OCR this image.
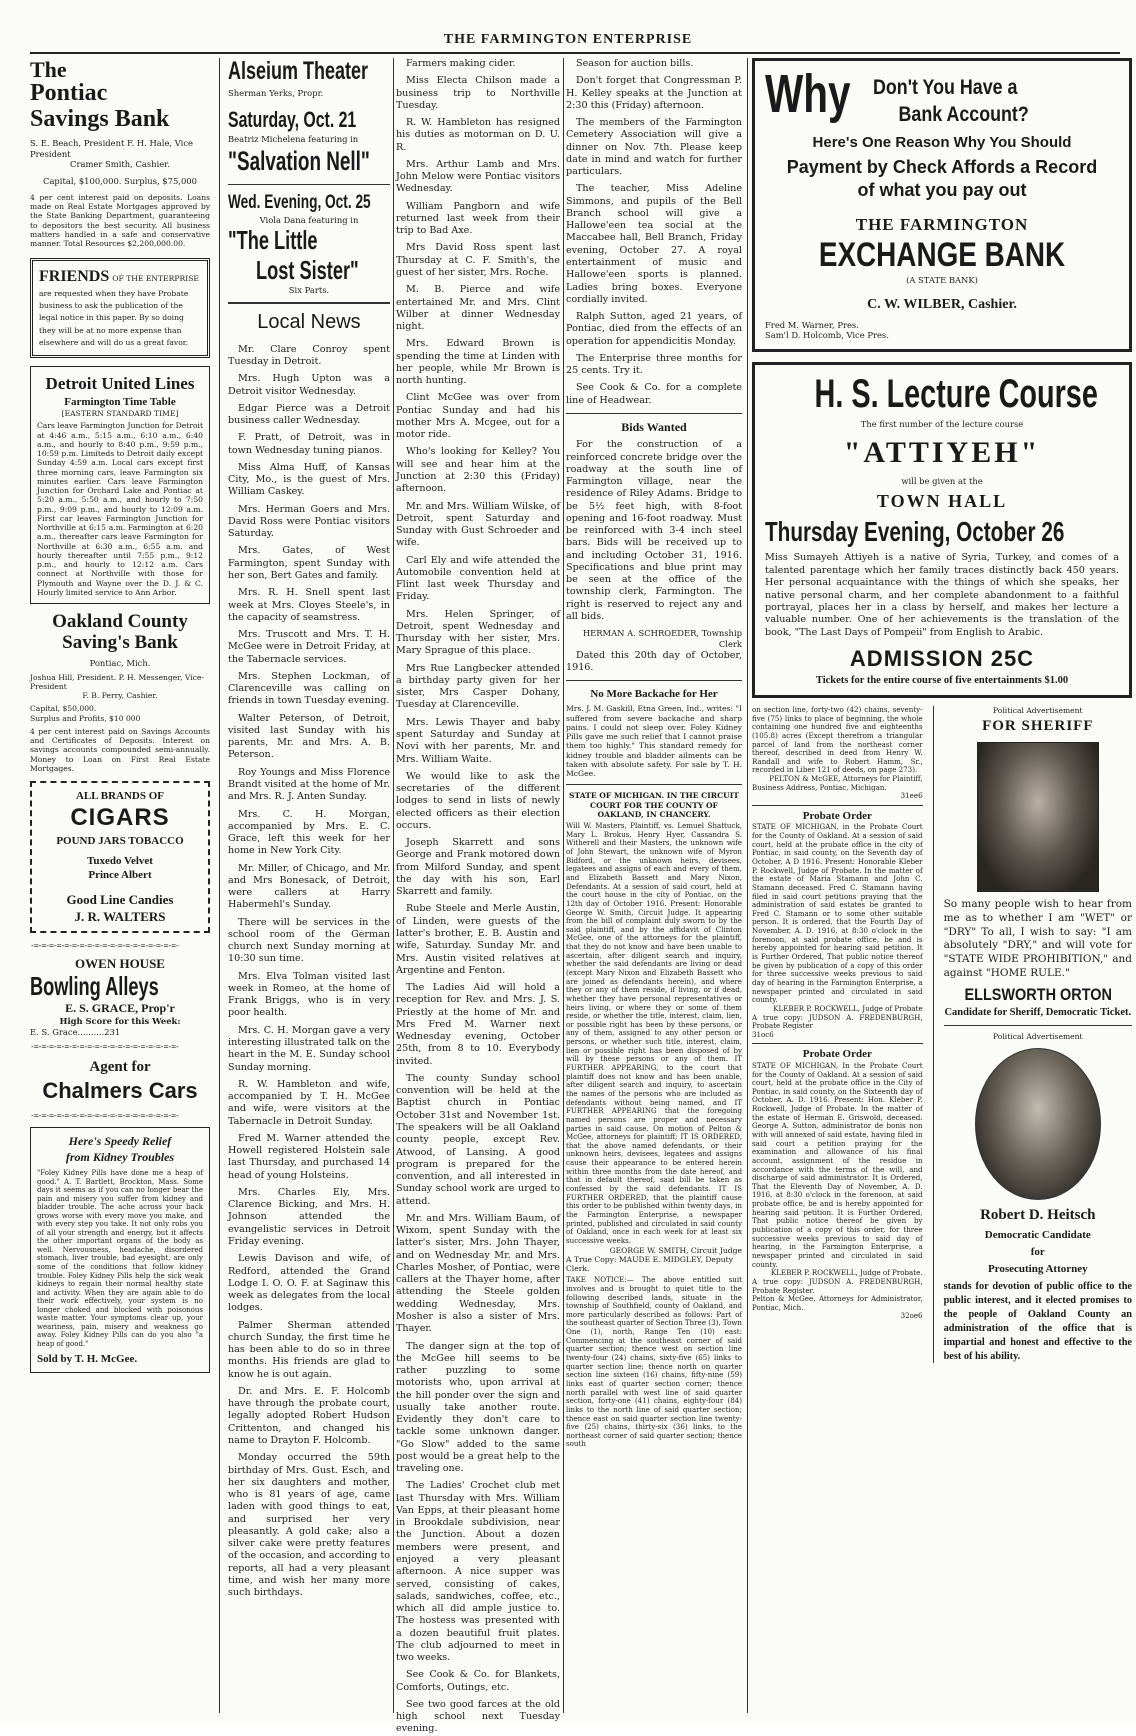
THE FARMINGTON ENTERPRISE
The
Pontiac
Savings Bank
S. E. Beach, President F. H. Hale, Vice President
Cramer Smith, Cashier.
Capital, $100,000. Surplus, $75,000
4 per cent interest paid on deposits. Loans made on Real Estate Mortgages approved by the State Banking Department, guaranteeing to depositors the best security. All business matters handled in a safe and conservative manner. Total Resources $2,200,000.00.
FRIENDS OF THE ENTERPRISE are requested when they have Probate business to ask the publication of the legal notice in this paper. By so doing they will be at no more expense than elsewhere and will do us a great favor.
Detroit United Lines
Farmington Time Table
[EASTERN STANDARD TIME]
Cars leave Farmington Junction for Detroit at 4:46 a.m., 5:15 a.m., 6:10 a.m., 6:40 a.m., and hourly to 8:40 p.m., 9:59 p.m., 10:59 p.m. Limiteds to Detroit daily except Sunday 4:59 a.m. Local cars except first three morning cars, leave Farmington six minutes earlier. Cars leave Farmington Junction for Orchard Lake and Pontiac at 5:20 a.m., 5:50 a.m., and hourly to 7:50 p.m., 9:09 p.m., and hourly to 12:09 a.m. First car leaves Farmington Junction for Northville at 6:15 a.m. Farmington at 6:20 a.m., thereafter cars leave Farmington for Northville at 6:30 a.m., 6:55 a.m. and hourly thereafter until 7:55 p.m., 9:12 p.m., and hourly to 12:12 a.m. Cars connect at Northville with those for Plymouth and Wayne over the D. J. & C. Hourly limited service to Ann Arbor.
Oakland County
Saving's Bank
Pontiac, Mich.
Joshua Hill, President. P. H. Messenger, Vice-President
F. B. Perry, Cashier.
Capital, $50,000.
Surplus and Profits, $10 000
4 per cent interest paid on Savings Accounts and Certificates of Deposits. Interest on savings accounts compounded semi-annually. Money to Loan on First Real Estate Mortgages.
ALL BRANDS OF
CIGARS
POUND JARS TOBACCO
Tuxedo Velvet
Prince Albert
Good Line Candies
J. R. WALTERS
-=-=-=-=-=-=-=-=-=-=-=-=-=-=-=-=-=-=-=-
OWEN HOUSE
Bowling Alleys
E. S. GRACE, Prop'r
High Score for this Week:
E. S. Grace..........231
-=-=-=-=-=-=-=-=-=-=-=-=-=-=-=-=-=-=-=-
Agent for
Chalmers Cars
-=-=-=-=-=-=-=-=-=-=-=-=-=-=-=-=-=-=-=-
Here's Speedy Relief
from Kidney Troubles
"Foley Kidney Pills have done me a heap of good." A. T. Bartlett, Brockton, Mass. Some days it seems as if you can no longer bear the pain and misery you suffer from kidney and bladder trouble. The ache across your back grows worse with every move you make, and with every step you take. It not only robs you of all your strength and energy, but it affects the other important organs of the body as well. Nervousness, headache, disordered stomach, liver trouble, bad eyesight, are only some of the conditions that follow kidney trouble. Foley Kidney Pills help the sick weak kidneys to regain their normal healthy state and activity. When they are again able to do their work effectively, your system is no longer choked and blocked with poisonous waste matter. Your symptoms clear up, your weariness, pain, misery and weakness go away. Foley Kidney Pills can do you also "a heap of good."
Sold by T. H. McGee.
Alseium Theater
Sherman Yerks, Propr.
Saturday, Oct. 21
Beatriz Michelena featuring in
"Salvation Nell"
Wed. Evening, Oct. 25
Viola Dana featuring in
"The Little
Lost Sister"
Six Parts.
Local News

Mr. Clare Conroy spent Tuesday in Detroit.

Mrs. Hugh Upton was a Detroit visitor Wednesday.

Edgar Pierce was a Detroit business caller Wednesday.

F. Pratt, of Detroit, was in town Wednesday tuning pianos.

Miss Alma Huff, of Kansas City, Mo., is the guest of Mrs. William Caskey.

Mrs. Herman Goers and Mrs. David Ross were Pontiac visitors Saturday.

Mrs. Gates, of West Farmington, spent Sunday with her son, Bert Gates and family.

Mrs. R. H. Snell spent last week at Mrs. Cloyes Steele's, in the capacity of seamstress.

Mrs. Truscott and Mrs. T. H. McGee were in Detroit Friday, at the Tabernacle services.

Mrs. Stephen Lockman, of Clarenceville was calling on friends in town Tuesday evening.

Walter Peterson, of Detroit, visited last Sunday with his parents, Mr. and Mrs. A. B. Peterson.

Roy Youngs and Miss Florence Brandt visited at the home of Mr. and Mrs. R. J. Anten Sunday.

Mrs. C. H. Morgan, accompanied by Mrs. E. C. Grace, left this week for her home in New York City.

Mr. Miller, of Chicago, and Mr. and Mrs Bonesack, of Detroit, were callers at Harry Habermehl's Sunday.

There will be services in the school room of the German church next Sunday morning at 10:30 sun time.

Mrs. Elva Tolman visited last week in Romeo, at the home of Frank Briggs, who is in very poor health.

Mrs. C. H. Morgan gave a very interesting illustrated talk on the heart in the M. E. Sunday school Sunday morning.

R. W. Hambleton and wife, accompanied by T. H. McGee and wife, were visitors at the Tabernacle in Detroit Sunday.

Fred M. Warner attended the Howell registered Holstein sale last Thursday, and purchased 14 head of young Holsteins.

Mrs. Charles Ely, Mrs. Clarence Bicking, and Mrs. H. Johnson attended the evangelistic services in Detroit Friday evening.

Lewis Davison and wife, of Redford, attended the Grand Lodge I. O. O. F. at Saginaw this week as delegates from the local lodges.

Palmer Sherman attended church Sunday, the first time he has been able to do so in three months. His friends are glad to know he is out again.

Dr. and Mrs. E. F. Holcomb have through the probate court, legally adopted Robert Hudson Crittenton, and changed his name to Drayton F. Holcomb.

Monday occurred the 59th birthday of Mrs. Gust. Esch, and her six daughters and mother, who is 81 years of age, came laden with good things to eat, and surprised her very pleasantly. A gold cake; also a silver cake were pretty features of the occasion, and according to reports, all had a very pleasant time, and wish her many more such birthdays.

Farmers making cider.

Miss Electa Chilson made a business trip to Northville Tuesday.

R. W. Hambleton has resigned his duties as motorman on D. U. R.

Mrs. Arthur Lamb and Mrs. John Melow were Pontiac visitors Wednesday.

William Pangborn and wife returned last week from their trip to Bad Axe.

Mrs David Ross spent last Thursday at C. F. Smith's, the guest of her sister, Mrs. Roche.

M. B. Pierce and wife entertained Mr. and Mrs. Clint Wilber at dinner Wednesday night.

Mrs. Edward Brown is spending the time at Linden with her people, while Mr Brown is north hunting.

Clint McGee was over from Pontiac Sunday and had his mother Mrs A. Mcgee, out for a motor ride.

Who's looking for Kelley? You will see and hear him at the Junction at 2:30 this (Friday) afternoon.

Mr. and Mrs. William Wilske, of Detroit, spent Saturday and Sunday with Gust Schroeder and wife.

Carl Ely and wife attended the Automobile convention held at Flint last week Thursday and Friday.

Mrs. Helen Springer, of Detroit, spent Wednesday and Thursday with her sister, Mrs. Mary Sprague of this place.

Mrs Rue Langbecker attended a birthday party given for her sister, Mrs Casper Dohany, Tuesday at Clarenceville.

Mrs. Lewis Thayer and baby spent Saturday and Sunday at Novi with her parents, Mr. and Mrs. William Waite.

We would like to ask the secretaries of the different lodges to send in lists of newly elected officers as their election occurs.

Joseph Skarrett and sons George and Frank motored down from Milford Sunday, and spent the day with his son, Earl Skarrett and family.

Rube Steele and Merle Austin, of Linden, were guests of the latter's brother, E. B. Austin and wife, Saturday. Sunday Mr. and Mrs. Austin visited relatives at Argentine and Fenton.

The Ladies Aid will hold a reception for Rev. and Mrs. J. S. Priestly at the home of Mr. and Mrs Fred M. Warner next Wednesday evening, October 25th, from 8 to 10. Everybody invited.

The county Sunday school convention will be held at the Baptist church in Pontiac October 31st and November 1st. The speakers will be all Oakland county people, except Rev. Atwood, of Lansing. A good program is prepared for the convention, and all interested in Sunday school work are urged to attend.

Mr. and Mrs. William Baum, of Wixom, spent Sunday with the latter's sister, Mrs. John Thayer, and on Wednesday Mr. and Mrs. Charles Mosher, of Pontiac, were callers at the Thayer home, after attending the Steele golden wedding Wednesday, Mrs. Mosher is also a sister of Mrs. Thayer.

The danger sign at the top of the McGee hill seems to be rather puzzling to some motorists who, upon arrival at the hill ponder over the sign and usually take another route. Evidently they don't care to tackle some unknown danger. "Go Slow" added to the same post would be a great help to the traveling one.

The Ladies' Crochet club met last Thursday with Mrs. William Van Epps, at their pleasant home in Brookdale subdivision, near the Junction. About a dozen members were present, and enjoyed a very pleasant afternoon. A nice supper was served, consisting of cakes, salads, sandwiches, coffee, etc., which all did ample justice to. The hostess was presented with a dozen beautiful fruit plates. The club adjourned to meet in two weeks.

See Cook & Co. for Blankets, Comforts, Outings, etc.

See two good farces at the old high school next Tuesday evening.

Season for auction bills.

Don't forget that Congressman P. H. Kelley speaks at the Junction at 2:30 this (Friday) afternoon.

The members of the Farmington Cemetery Association will give a dinner on Nov. 7th. Please keep date in mind and watch for further particulars.

The teacher, Miss Adeline Simmons, and pupils of the Bell Branch school will give a Hallowe'een tea social at the Maccabee hall, Bell Branch, Friday evening, October 27. A royal entertainment of music and Hallowe'een sports is planned. Ladies bring boxes. Everyone cordially invited.

Ralph Sutton, aged 21 years, of Pontiac, died from the effects of an operation for appendicitis Monday.

The Enterprise three months for 25 cents. Try it.

See Cook & Co. for a complete line of Headwear.

Bids Wanted

For the construction of a reinforced concrete bridge over the roadway at the south line of Farmington village, near the residence of Riley Adams. Bridge to be 5½ feet high, with 8-foot opening and 16-foot roadway. Must be reinforced with 3-4 inch steel bars. Bids will be received up to and including October 31, 1916. Specifications and blue print may be seen at the office of the township clerk, Farmington. The right is reserved to reject any and all bids.

HERMAN A. SCHROEDER, Township Clerk

Dated this 20th day of October, 1916.

No More Backache for Her
Mrs. J. M. Gaskill, Etna Green, Ind., writes: "I suffered from severe backache and sharp pains. I could not sleep over. Foley Kidney Pills gave me such relief that I cannot praise them too highly." This standard remedy for kidney trouble and bladder ailments can be taken with absolute safety. For sale by T. H. McGee.
STATE OF MICHIGAN. IN THE CIRCUIT COURT FOR THE COUNTY OF OAKLAND, IN CHANCERY.
Will W. Masters, Plaintiff, vs. Lemuel Shattuck, Mary L. Brokus, Henry Hyer, Cassandra S. Witherell and their Masters, the unknown wife of John Stewart, the unknown wife of Myron Bidford, or the unknown heirs, devisees, legatees and assigns of each and every of them, and Elizabeth Bassett and Mary Nixon, Defendants. At a session of said court, held at the court house in the city of Pontiac, on the 12th day of October 1916. Present: Honorable George W. Smith, Circuit Judge. It appearing from the bill of complaint duly sworn to by the said plaintiff, and by the affidavit of Clinton McGee, one of the attorneys for the plaintiff, that they do not know and have been unable to ascertain, after diligent search and inquiry, whether the said defendants are living or dead (except Mary Nixon and Elizabeth Bassett who are joined as defendants herein), and where they or any of them reside, if living, or if dead, whether they have personal representatives or heirs living, or where they or some of them reside, or whether the title, interest, claim, lien, or possible right has been by these persons, or any of them, assigned to any other person or persons, or whether such title, interest, claim, lien or possible right has been disposed of by will by these persons or any of them. IT FURTHER APPEARING, to the court that plaintiff does not know and has been unable, after diligent search and inquiry, to ascertain the names of the persons who are included as defendants without being named, and IT FURTHER APPEARING that the foregoing named persons are proper and necessary parties in said cause. On motion of Pelton & McGee, attorneys for plaintiff; IT IS ORDERED, that the above named defendants, or their unknown heirs, devisees, legatees and assigns cause their appearance to be entered herein within three months from the date hereof, and that in default thereof, said bill be taken as confessed by the said defendants. IT IS FURTHER ORDERED, that the plaintiff cause this order to be published within twenty days, in the Farmington Enterprise, a newspaper printed, published and circulated in said county of Oakland, once in each week for at least six successive weeks.
GEORGE W. SMITH, Circuit Judge
A True Copy: MAUDE E. MIDGLEY, Deputy Clerk.
TAKE NOTICE:— The above entitled suit involves and is brought to quiet title to the following described lands, situate in the township of Southfield, county of Oakland, and more particularly described as follows: Part of the southeast quarter of Section Three (3), Town One (1), north, Range Ten (10) east: Commencing at the southeast corner of said quarter section; thence west on section line twenty-four (24) chains, sixty-five (65) links to quarter section line; thence north on quarter section line sixteen (16) chains, fifty-nine (59) links east of quarter section corner; thence north parallel with west line of said quarter section, forty-one (41) chains, eighty-four (84) links to the north line of said quarter section; thence east on said quarter section line twenty-five (25) chains, thirty-six (36) links, to the northeast corner of said quarter section; thence south
Why Don't You Have a
Bank Account?
Here's One Reason Why You Should
Payment by Check Affords a Record
of what you pay out
THE FARMINGTON
EXCHANGE BANK
(A STATE BANK)
C. W. WILBER, Cashier.
Fred M. Warner, Pres.
Sam'l D. Holcomb, Vice Pres.
H. S. Lecture Course
The first number of the lecture course
"ATTIYEH"
will be given at the
TOWN HALL
Thursday Evening, October 26
Miss Sumayeh Attiyeh is a native of Syria, Turkey, and comes of a talented parentage which her family traces distinctly back 450 years. Her personal acquaintance with the things of which she speaks, her native personal charm, and her complete abandonment to a faithful portrayal, places her in a class by herself, and makes her lecture a valuable number. One of her achievements is the translation of the book, "The Last Days of Pompeii" from English to Arabic.
ADMISSION 25C
Tickets for the entire course of five entertainments $1.00
on section line, forty-two (42) chains, seventy-five (75) links to place of beginning, the whole containing one hundred five and eighteenths (105.8) acres (Except therefrom a triangular parcel of land from the northeast corner thereof, described in deed from Henry W. Randall and wife to Robert Hamm, Sr., recorded in Liber 121 of deeds, on page 273).
PELTON & McGEE, Attorneys for Plaintiff,
Business Address, Pontiac, Michigan.
31ee6
Probate Order
STATE OF MICHIGAN, in the Probate Court for the County of Oakland. At a session of said court, held at the probate office in the city of Pontiac, in said county, on the Seventh day of October, A D 1916. Present: Honorable Kleber P. Rockwell, Judge of Probate. In the matter of the estate of Maria Stamann and John C. Stamann deceased. Fred C. Stamann having filed in said court petitions praying that the administration of said estates be granted to Fred C. Stamann or to some other suitable person. It is ordered, that the Fourth Day of November, A. D. 1916, at 8:30 o'clock in the forenoon, at said probate office, be and is hereby appointed for hearing said petition. It is Further Ordered, That public notice thereof be given by publication of a copy of this order for three successive weeks previous to said day of hearing in the Farmington Enterprise, a newspaper printed and circulated in said county.
KLEBER P. ROCKWELL, Judge of Probate
A true copy: JUDSON A. FREDENBURGH, Probate Register
31oc6
Probate Order
STATE OF MICHIGAN, In the Probate Court for the County of Oakland. At a session of said court, held at the probate office in the City of Pontiac, in said county, on the Sixteenth day of October, A. D. 1916. Present: Hon. Kleber P. Rockwell, Judge of Probate. In the matter of the estate of Herman E. Griswold, deceased. George A. Sutton, administrator de bonis non with will annexed of said estate, having filed in said court a petition praying for the examination and allowance of his final account, assignment of the residue in accordance with the terms of the will, and discharge of said administrator. It is Ordered, That the Eleventh Day of November, A. D. 1916, at 8:30 o'clock in the forenoon, at said probate office, be and is hereby appointed for hearing said petition. It is Further Ordered, That public notice thereof be given by publication of a copy of this order, for three successive weeks previous to said day of hearing, in the Farmington Enterprise, a newspaper printed and circulated in said county.
KLEBER P. ROCKWELL, Judge of Probate.
A true copy: JUDSON A. FREDENBURGH, Probate Register.
Pelton & McGee, Attorneys for Administrator, Pontiac, Mich.
32oe6
Political Advertisement
FOR SHERIFF
So many people wish to hear from me as to whether I am "WET" or "DRY" To all, I wish to say: "I am absolutely "DRY," and will vote for "STATE WIDE PROHIBITION," and against "HOME RULE."
ELLSWORTH ORTON
Candidate for Sheriff, Democratic Ticket.
Political Advertisement
Robert D. Heitsch
Democratic Candidate
for
Prosecuting Attorney
stands for devotion of public office to the public interest, and it elected promises to the people of Oakland County an administration of the office that is impartial and honest and effective to the best of his ability.
